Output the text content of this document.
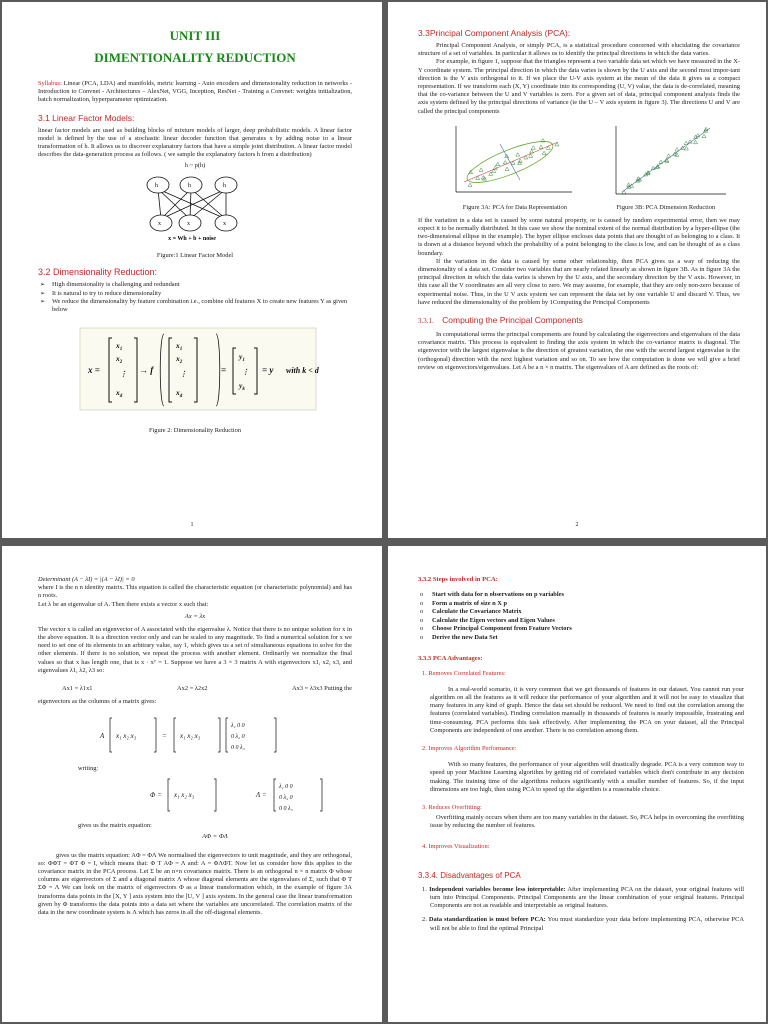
UNIT III
DIMENTIONALITY REDUCTION

Syllabus: Linear (PCA, LDA) and manifolds, metric learning - Auto encoders and dimensionality reduction in networks - Introduction to Convnet - Architectures – AlexNet, VGG, Inception, ResNet - Training a Convnet: weights initialization, batch normalization, hyperparameter optimization.

3.1 Linear Factor Models:

linear factor models are used as building blocks of mixture models of larger, deep probabilistic models. A linear factor model is defined by the use of a stochastic linear decoder function that generates x by adding noise to a linear transformation of h. It allows us to discover explanatory factors that have a simple joint distribution. A linear factor model describes the data-generation process as follows. ( we sample the explanatory factors h from a distribution)

h ~ p(h)
h	h	h
x	x	x
x = Wh + b + noise
Figure:1 Linear Factor Model
3.2 Dimensionality Reduction:
➢ High dimensionality is challenging and redundant
➢ It is natural to try to reduce dimensionality
➢ We reduce the dimensionality by feature combination i.e., combine old features X to create new features Y as given below
x =
$x_1$
$x_2$
⋮
$x_d$
→ f
$x_1$
$x_2$
⋮
$x_d$
=
$y_1$
⋮
$y_k$
= y with k < d
Figure 2: Dimensionality Reduction
1
3.3Principal Component Analysis (PCA):

Principal Component Analysis, or simply PCA, is a statistical procedure concerned with elucidating the covariance structure of a set of variables. In particular it allows us to identify the principal directions in which the data varies.

For example, in figure 1, suppose that the triangles represent a two variable data set which we have measured in the X-Y coordinate system. The principal direction in which the data varies is shown by the U axis and the second most impor-tant direction is the V axis orthogonal to it. If we place the U-V axis system at the mean of the data it gives us a compact representation. If we transform each (X, Y) coordinate into its corresponding (U, V) value, the data is de-correlated, meaning that the co-variance between the U and V variables is zero. For a given set of data, principal component analysis finds the axis system defined by the principal directions of variance (ie the U – V axis system in figure 3). The directions U and V are called the principal components

Figure 3A: PCA for Data Representation	Figure 3B: PCA Dimension Reduction

If the variation in a data set is caused by some natural property, or is caused by random experimental error, then we may expect it to be normally distributed. In this case we show the nominal extent of the normal distribution by a hyper-ellipse (the two-dimensional ellipse in the example). The hyper ellipse encloses data points that are thought of as belonging to a class. It is drawn at a distance beyond which the probability of a point belonging to the class is low, and can be thought of as a class boundary.

If the variation in the data is caused by some other relationship, then PCA gives us a way of reducing the dimensionality of a data set. Consider two variables that are nearly related linearly as shown in figure 3B. As in figure 3A the principal direction in which the data varies is shown by the U axis, and the secondary direction by the V axis. However, in this case all the V coordinates are all very close to zero. We may assume, for example, that they are only non-zero because of experimental noise. Thus, in the U V axis system we can represent the data set by one variable U and discard V. Thus, we have reduced the dimensionality of the problem by 1Computing the Principal Components

3.3.1. Computing the Principal Components

In computational terms the principal components are found by calculating the eigenvectors and eigenvalues of the data covariance matrix. This process is equivalent to finding the axis system in which the co-variance matrix is diagonal. The eigenvector with the largest eigenvalue is the direction of greatest variation, the one with the second largest eigenvalue is the (orthogonal) direction with the next highest variation and so on. To see how the computation is done we will give a brief review on eigenvectors/eigenvalues. Let A be a n × n matrix. The eigenvalues of A are defined as the roots of:

2

Determinant (A − λI) = |(A − λI)| = 0

where I is the n n identity matrix. This equation is called the characteristic equation (or characteristic polynomial) and has n roots.

Let λ be an eigenvalue of A. Then there exists a vector x such that:

Ax = λx

The vector x is called an eigenvector of A associated with the eigenvalue λ. Notice that there is no unique solution for x in the above equation. It is a direction vector only and can be scaled to any magnitude. To find a numerical solution for x we need to set one of its elements to an arbitrary value, say 1, which gives us a set of simultaneous equations to solve for the other elements. If there is no solution, we repeat the process with another element. Ordinarily we normalize the final values so that x has length one, that is x · xᵀ = 1. Suppose we have a 3 × 3 matrix A with eigenvectors x1, x2, x3, and eigenvalues λ1, λ2, λ3 so:

Ax1 = λ1x1	Ax2 = λ2x2	Ax3 = λ3x3 Putting the

eigenvectors as the columns of a matrix gives:

A x₁ x₂ x₃	= x₁ x₂ x₃
λ₁ 0 0
0 λ₂ 0
0 0 λ₃

writing:

Φ = x₁ x₂ x₃	Λ =
λ₁ 0 0
0 λ₂ 0
0 0 λ₃

gives us the matrix equation:

AΦ = ΦΛ

gives us the matrix equation: AΦ = ΦΛ We normalised the eigenvectors to unit magnitude, and they are orthogonal, so: ΦΦT = ΦT Φ = I, which means that: Φ T AΦ = Λ and: A = ΦΛΦT. Now let us consider how this applies to the covariance matrix in the PCA process. Let Σ be an n×n covariance matrix. There is an orthogonal n × n matrix Φ whose columns are eigenvectors of Σ and a diagonal matrix Λ whose diagonal elements are the eigenvalues of Σ, such that Φ T ΣΦ = Λ We can look on the matrix of eigenvectors Φ as a linear transformation which, in the example of figure 3A transforms data points in the [X, Y ] axis system into the [U, V ] axis system. In the general case the linear transformation given by Φ transforms the data points into a data set where the variables are uncorrelated. The correlation matrix of the data in the new coordinate system is Λ which has zeros in all the off-diagonal elements.

3.3.2 Steps involved in PCA:

o Start with data for n observations on p variables

o Form a matrix of size n X p

o Calculate the Covariance Matrix

o Calculate the Eigen vectors and Eigen Values

o Choose Principal Component from Feature Vectors

o Derive the new Data Set

3.3.3 PCA Advantages:

1. Removes Correlated Features:

In a real-world scenario, it is very common that we get thousands of features in our dataset. You cannot run your algorithm on all the features as it will reduce the performance of your algorithm and it will not be easy to visualize that many features in any kind of graph. Hence the data set should be reduced. We need to find out the correlation among the features (correlated variables). Finding correlation manually in thousands of features is nearly impossible, frustrating and time-consuming. PCA performs this task effectively. After implementing the PCA on your dataset, all the Principal Components are independent of one another. There is no correlation among them.

2. Improves Algorithm Performance:

With so many features, the performance of your algorithm will drastically degrade. PCA is a very common way to speed up your Machine Learning algorithm by getting rid of correlated variables which don't contribute in any decision making. The training time of the algorithms reduces significantly with a smaller number of features. So, if the input dimensions are too high, then using PCA to speed up the algorithm is a reasonable choice.

3. Reduces Overfitting:

Overfitting mainly occurs when there are too many variables in the dataset. So, PCA helps in overcoming the overfitting issue by reducing the number of features.

4. Improves Visualization:

3.3.4. Disadvantages of PCA

1. Independent variables become less interpretable: After implementing PCA on the dataset, your original features will turn into Principal Components. Principal Components are the linear combination of your original features. Principal Components are not as readable and interpretable as original features.

2. Data standardization is must before PCA: You must standardize your data before implementing PCA, otherwise PCA will not be able to find the optimal Principal
